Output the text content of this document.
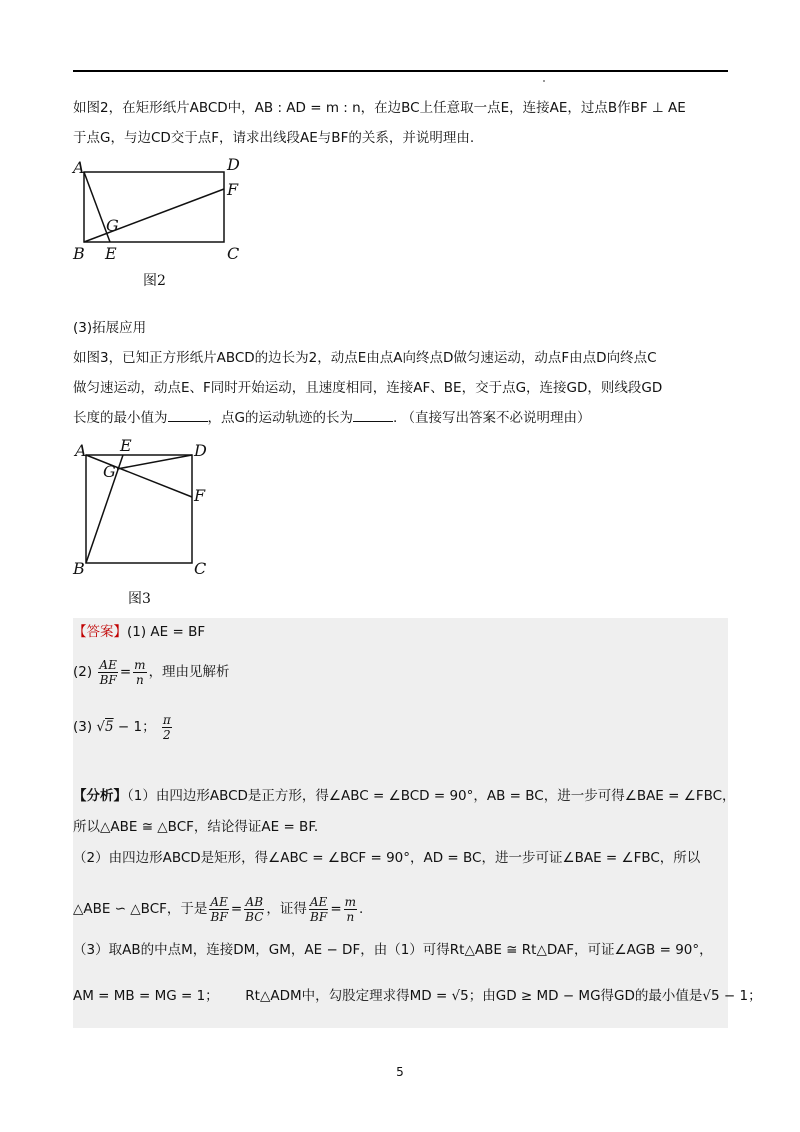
如图2，在矩形纸片ABCD中，AB : AD = m : n，在边BC上任意取一点E，连接AE，过点B作BF ⊥ AE
于点G，与边CD交于点F，请求出线段AE与BF的关系，并说明理由.
A	D
F
G
B E	C
图2
(3)拓展应用
如图3，已知正方形纸片ABCD的边长为2，动点E由点A向终点D做匀速运动，动点F由点D向终点C
做匀速运动，动点E、F同时开始运动，且速度相同，连接AF、BE，交于点G，连接GD，则线段GD
长度的最小值为	，点G的运动轨迹的长为	. （直接写出答案不必说明理由）
A E	D
G
F
B	C
图3
【答案】(1) AE = BF
$(2) \frac{AE}{BF} = \frac{m}{n}$ ，理由见解析
(3) √5 − 1； $\frac{\pi}{2}$
【分析】（1）由四边形ABCD是正方形，得∠ABC = ∠BCD = 90°，AB = BC，进一步可得∠BAE = ∠FBC，
所以△ABE ≅ △BCF，结论得证AE = BF.
（2）由四边形ABCD是矩形，得∠ABC = ∠BCF = 90°，AD = BC，进一步可证∠BAE = ∠FBC，所以
△ABE ∽ △BCF，于是 $\frac{AE}{BF} = \frac{AB}{BC}$ ，证得 $\frac{AE}{BF} = \frac{m}{n}$ .
（3）取AB的中点M，连接DM，GM，AE − DF，由（1）可得Rt△ABE ≅ Rt△DAF，可证∠AGB = 90°，
AM = MB = MG = 1； Rt△ADM中，勾股定理求得MD = √5；由GD ≥ MD − MG得GD的最小值是√5 − 1；
5
